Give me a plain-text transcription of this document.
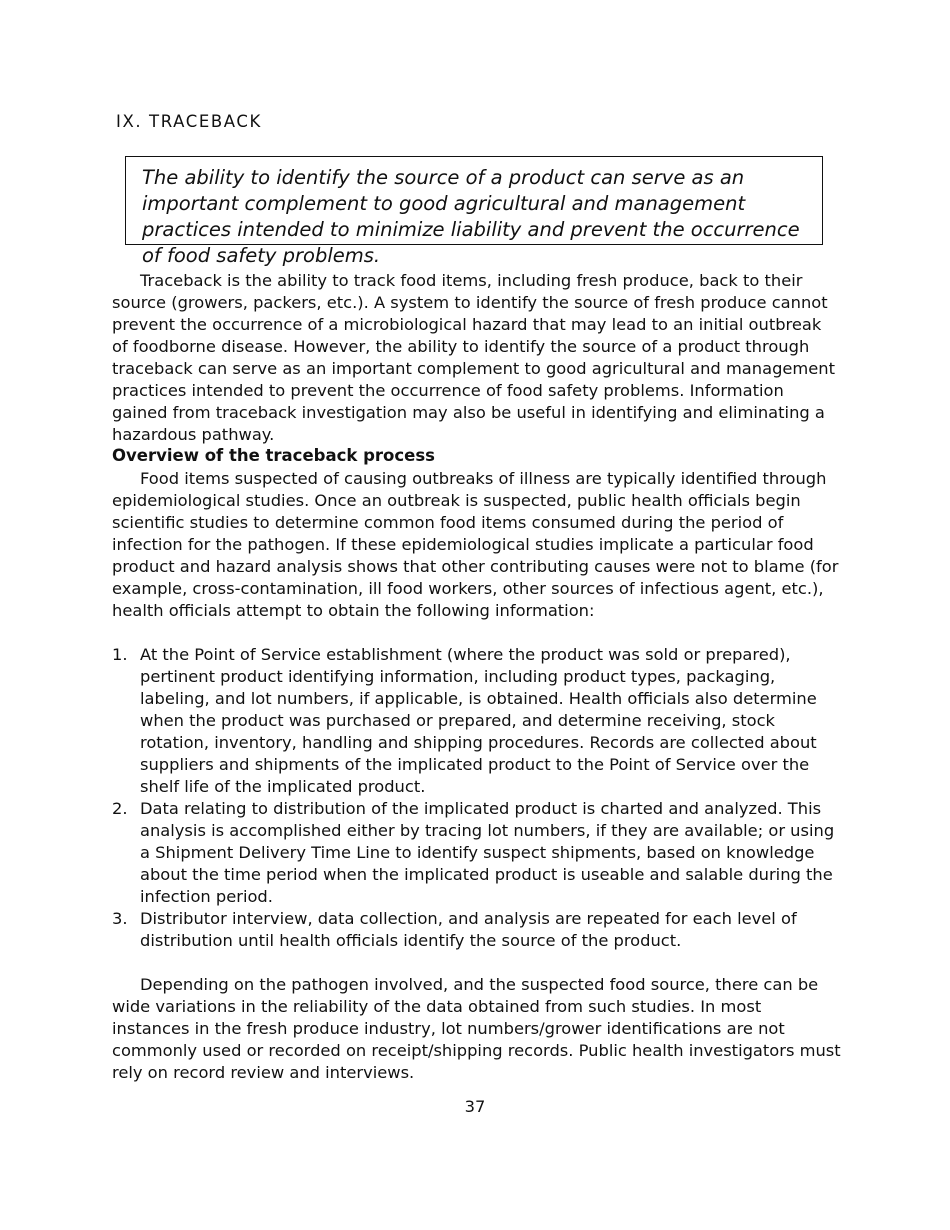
IX. TRACEBACK

The ability to identify the source of a product can serve as an important complement to good agricultural and management practices intended to minimize liability and prevent the occurrence of food safety problems.

Traceback is the ability to track food items, including fresh produce, back to their source (growers, packers, etc.). A system to identify the source of fresh produce cannot prevent the occurrence of a microbiological hazard that may lead to an initial outbreak of foodborne disease. However, the ability to identify the source of a product through traceback can serve as an important complement to good agricultural and management practices intended to prevent the occurrence of food safety problems. Information gained from traceback investigation may also be useful in identifying and eliminating a hazardous pathway.

Overview of the traceback process

Food items suspected of causing outbreaks of illness are typically identified through epidemiological studies. Once an outbreak is suspected, public health officials begin scientific studies to determine common food items consumed during the period of infection for the pathogen. If these epidemiological studies implicate a particular food product and hazard analysis shows that other contributing causes were not to blame (for example, cross-contamination, ill food workers, other sources of infectious agent, etc.), health officials attempt to obtain the following information:

1. At the Point of Service establishment (where the product was sold or prepared), pertinent product identifying information, including product types, packaging, labeling, and lot numbers, if applicable, is obtained. Health officials also determine when the product was purchased or prepared, and determine receiving, stock rotation, inventory, handling and shipping procedures. Records are collected about suppliers and shipments of the implicated product to the Point of Service over the shelf life of the implicated product.
2. Data relating to distribution of the implicated product is charted and analyzed. This analysis is accomplished either by tracing lot numbers, if they are available; or using a Shipment Delivery Time Line to identify suspect shipments, based on knowledge about the time period when the implicated product is useable and salable during the infection period.
3. Distributor interview, data collection, and analysis are repeated for each level of distribution until health officials identify the source of the product.

Depending on the pathogen involved, and the suspected food source, there can be wide variations in the reliability of the data obtained from such studies. In most instances in the fresh produce industry, lot numbers/grower identifications are not commonly used or recorded on receipt/shipping records. Public health investigators must rely on record review and interviews.

37
